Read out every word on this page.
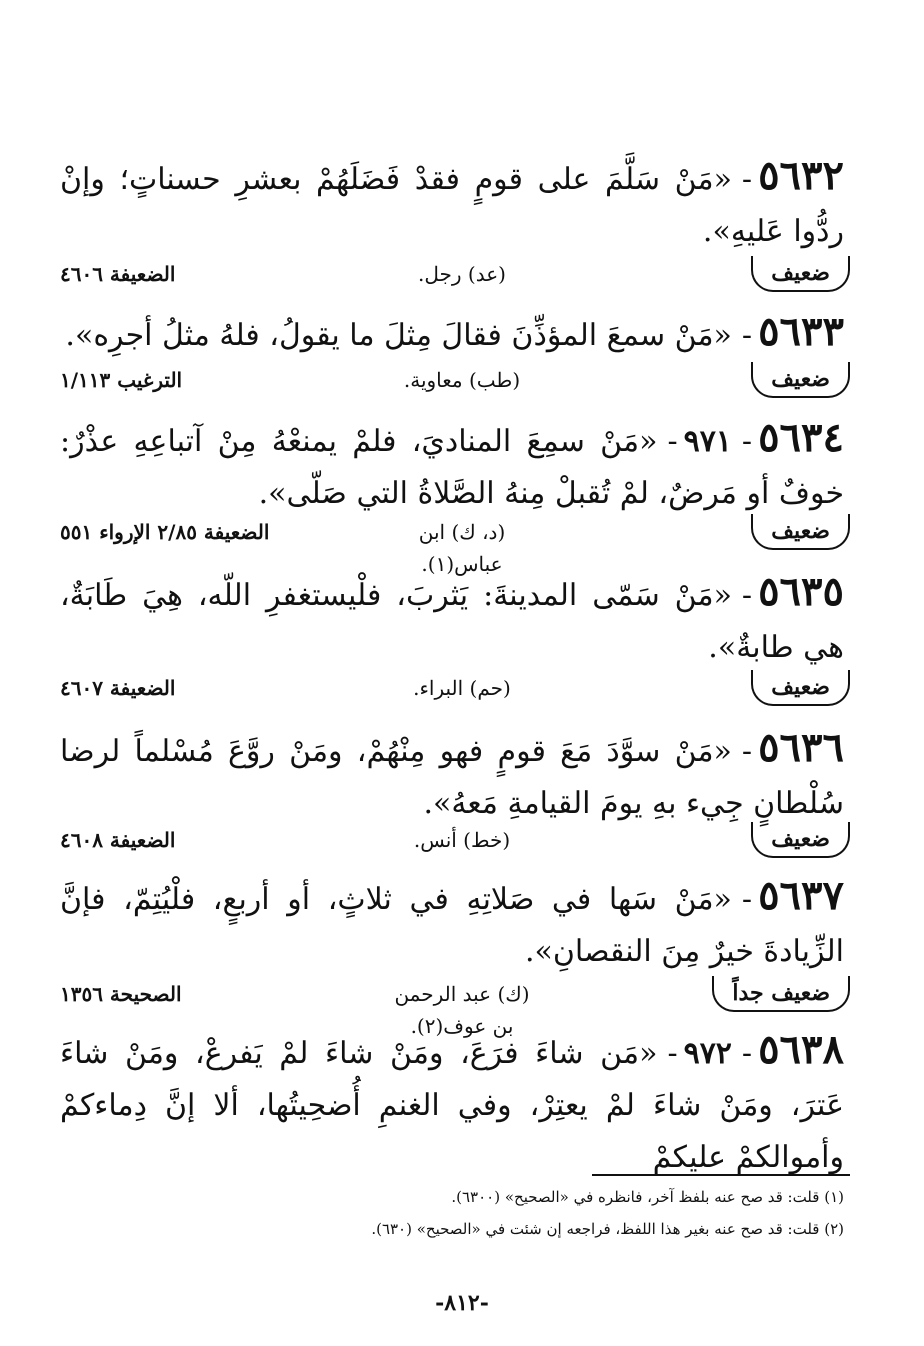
٥٦٣٢-«مَنْ سَلَّمَ على قومٍ فقدْ فَضَلَهُمْ بعشرِ حسناتٍ؛ وإنْ ردُّوا عَليهِ».
ضعيف
(عد) رجل.
الضعيفة ٤٦٠٦
٥٦٣٣-«مَنْ سمعَ المؤذِّنَ فقالَ مِثلَ ما يقولُ، فلهُ مثلُ أجرِه».
ضعيف
(طب) معاوية.
الترغيب ١/١١٣
٥٦٣٤-٩٧١-«مَنْ سمِعَ المناديَ، فلمْ يمنعْهُ مِنْ آتباعِهِ عذْرٌ: خوفٌ أو مَرضٌ، لمْ تُقبلْ مِنهُ الصَّلاةُ التي صَلّى».
ضعيف
(د، ك) ابن عباس(١).
الضعيفة ٢/٨٥ الإرواء ٥٥١
٥٦٣٥-«مَنْ سَمّى المدينةَ: يَثربَ، فلْيستغفرِ اللّه، هِيَ طَابَةٌ، هي طابةٌ».
ضعيف
(حم) البراء.
الضعيفة ٤٦٠٧
٥٦٣٦-«مَنْ سوَّدَ مَعَ قومٍ فهو مِنْهُمْ، ومَنْ روَّعَ مُسْلماً لرضا سُلْطانٍ جِيء بهِ يومَ القيامةِ مَعهُ».
ضعيف
(خط) أنس.
الضعيفة ٤٦٠٨
٥٦٣٧-«مَنْ سَها في صَلاتِهِ في ثلاثٍ، أو أربعٍ، فلْيُتِمّ، فإنَّ الزِّيادةَ خيرٌ مِنَ النقصانِ».
ضعيف جداً
(ك) عبد الرحمن بن عوف(٢).
الصحيحة ١٣٥٦
٥٦٣٨-٩٧٢-«مَن شاءَ فرَعَ، ومَنْ شاءَ لمْ يَفرعْ، ومَنْ شاءَ عَترَ، ومَنْ شاءَ لمْ يعتِرْ، وفي الغنمِ أُضحِيتُها، ألا إنَّ دِماءكمْ وأموالكمْ عليكمْ
(١) قلت: قد صح عنه بلفظ آخر، فانظره في «الصحيح» (٦٣٠٠).
(٢) قلت: قد صح عنه بغير هذا اللفظ، فراجعه إن شئت في «الصحيح» (٦٣٠).
-٨١٢-
